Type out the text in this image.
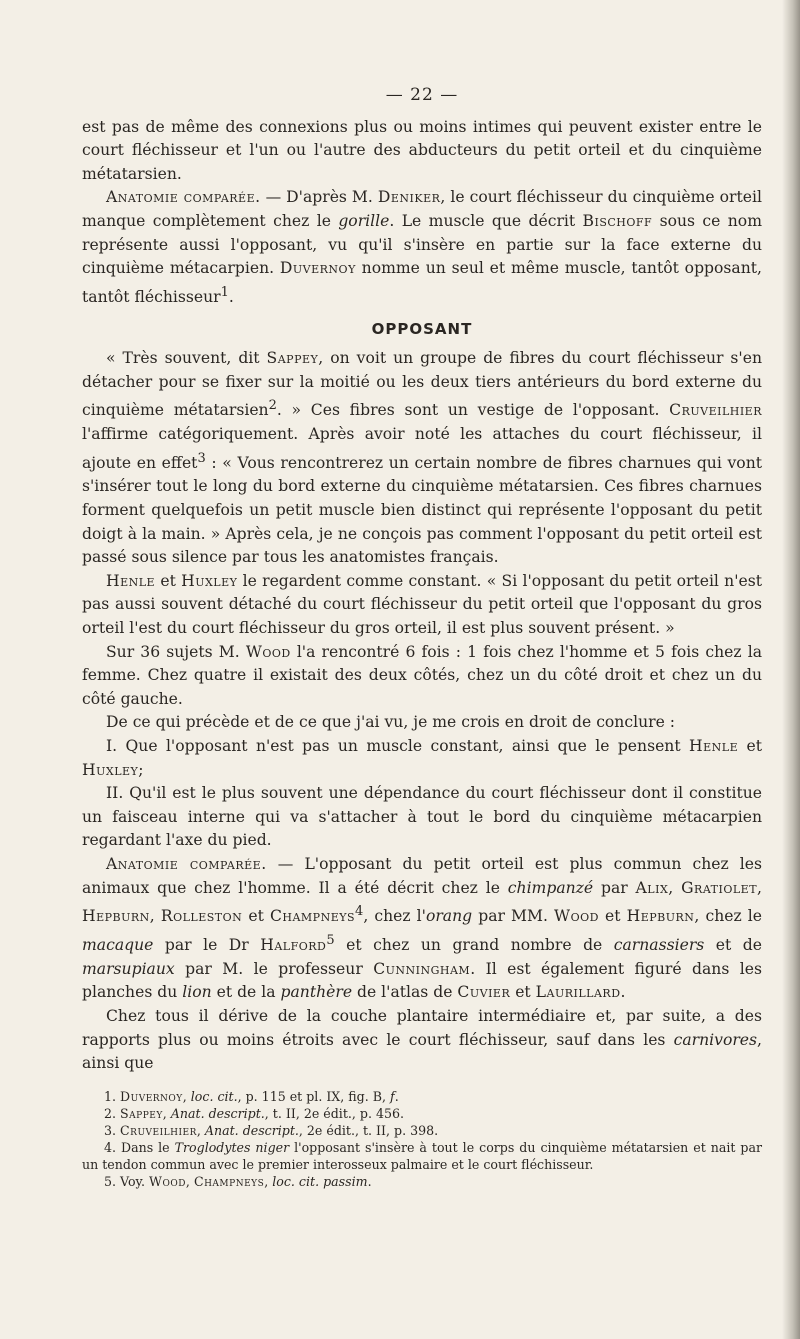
— 22 —

est pas de même des connexions plus ou moins intimes qui peuvent exister entre le court fléchisseur et l'un ou l'autre des abducteurs du petit orteil et du cinquième métatarsien.

Anatomie comparée. — D'après M. Deniker, le court fléchisseur du cinquième orteil manque complètement chez le gorille. Le muscle que décrit Bischoff sous ce nom représente aussi l'opposant, vu qu'il s'insère en partie sur la face externe du cinquième métacarpien. Duvernoy nomme un seul et même muscle, tantôt opposant, tantôt fléchisseur$^1$.

OPPOSANT

« Très souvent, dit Sappey, on voit un groupe de fibres du court fléchisseur s'en détacher pour se fixer sur la moitié ou les deux tiers antérieurs du bord externe du cinquième métatarsien$^2$. » Ces fibres sont un vestige de l'opposant. Cruveilhier l'affirme catégoriquement. Après avoir noté les attaches du court fléchisseur, il ajoute en effet$^3$ : « Vous rencontrerez un certain nombre de fibres charnues qui vont s'insérer tout le long du bord externe du cinquième métatarsien. Ces fibres charnues forment quelquefois un petit muscle bien distinct qui représente l'opposant du petit doigt à la main. » Après cela, je ne conçois pas comment l'opposant du petit orteil est passé sous silence par tous les anatomistes français.

Henle et Huxley le regardent comme constant. « Si l'opposant du petit orteil n'est pas aussi souvent détaché du court fléchisseur du petit orteil que l'opposant du gros orteil l'est du court fléchisseur du gros orteil, il est plus souvent présent. »

Sur 36 sujets M. Wood l'a rencontré 6 fois : 1 fois chez l'homme et 5 fois chez la femme. Chez quatre il existait des deux côtés, chez un du côté droit et chez un du côté gauche.

De ce qui précède et de ce que j'ai vu, je me crois en droit de conclure :

I. Que l'opposant n'est pas un muscle constant, ainsi que le pensent Henle et Huxley;

II. Qu'il est le plus souvent une dépendance du court fléchisseur dont il constitue un faisceau interne qui va s'attacher à tout le bord du cinquième métacarpien regardant l'axe du pied.

Anatomie comparée. — L'opposant du petit orteil est plus commun chez les animaux que chez l'homme. Il a été décrit chez le chimpanzé par Alix, Gratiolet, Hepburn, Rolleston et Champneys$^4$, chez l'orang par MM. Wood et Hepburn, chez le macaque par le Dr Halford$^5$ et chez un grand nombre de carnassiers et de marsupiaux par M. le professeur Cunningham. Il est également figuré dans les planches du lion et de la panthère de l'atlas de Cuvier et Laurillard.

Chez tous il dérive de la couche plantaire intermédiaire et, par suite, a des rapports plus ou moins étroits avec le court fléchisseur, sauf dans les carnivores, ainsi que

1. Duvernoy, loc. cit., p. 115 et pl. IX, fig. B, f.

2. Sappey, Anat. descript., t. II, 2e édit., p. 456.

3. Cruveilhier, Anat. descript., 2e édit., t. II, p. 398.

4. Dans le Troglodytes niger l'opposant s'insère à tout le corps du cinquième métatarsien et nait par un tendon commun avec le premier interosseux palmaire et le court fléchisseur.

5. Voy. Wood, Champneys, loc. cit. passim.
